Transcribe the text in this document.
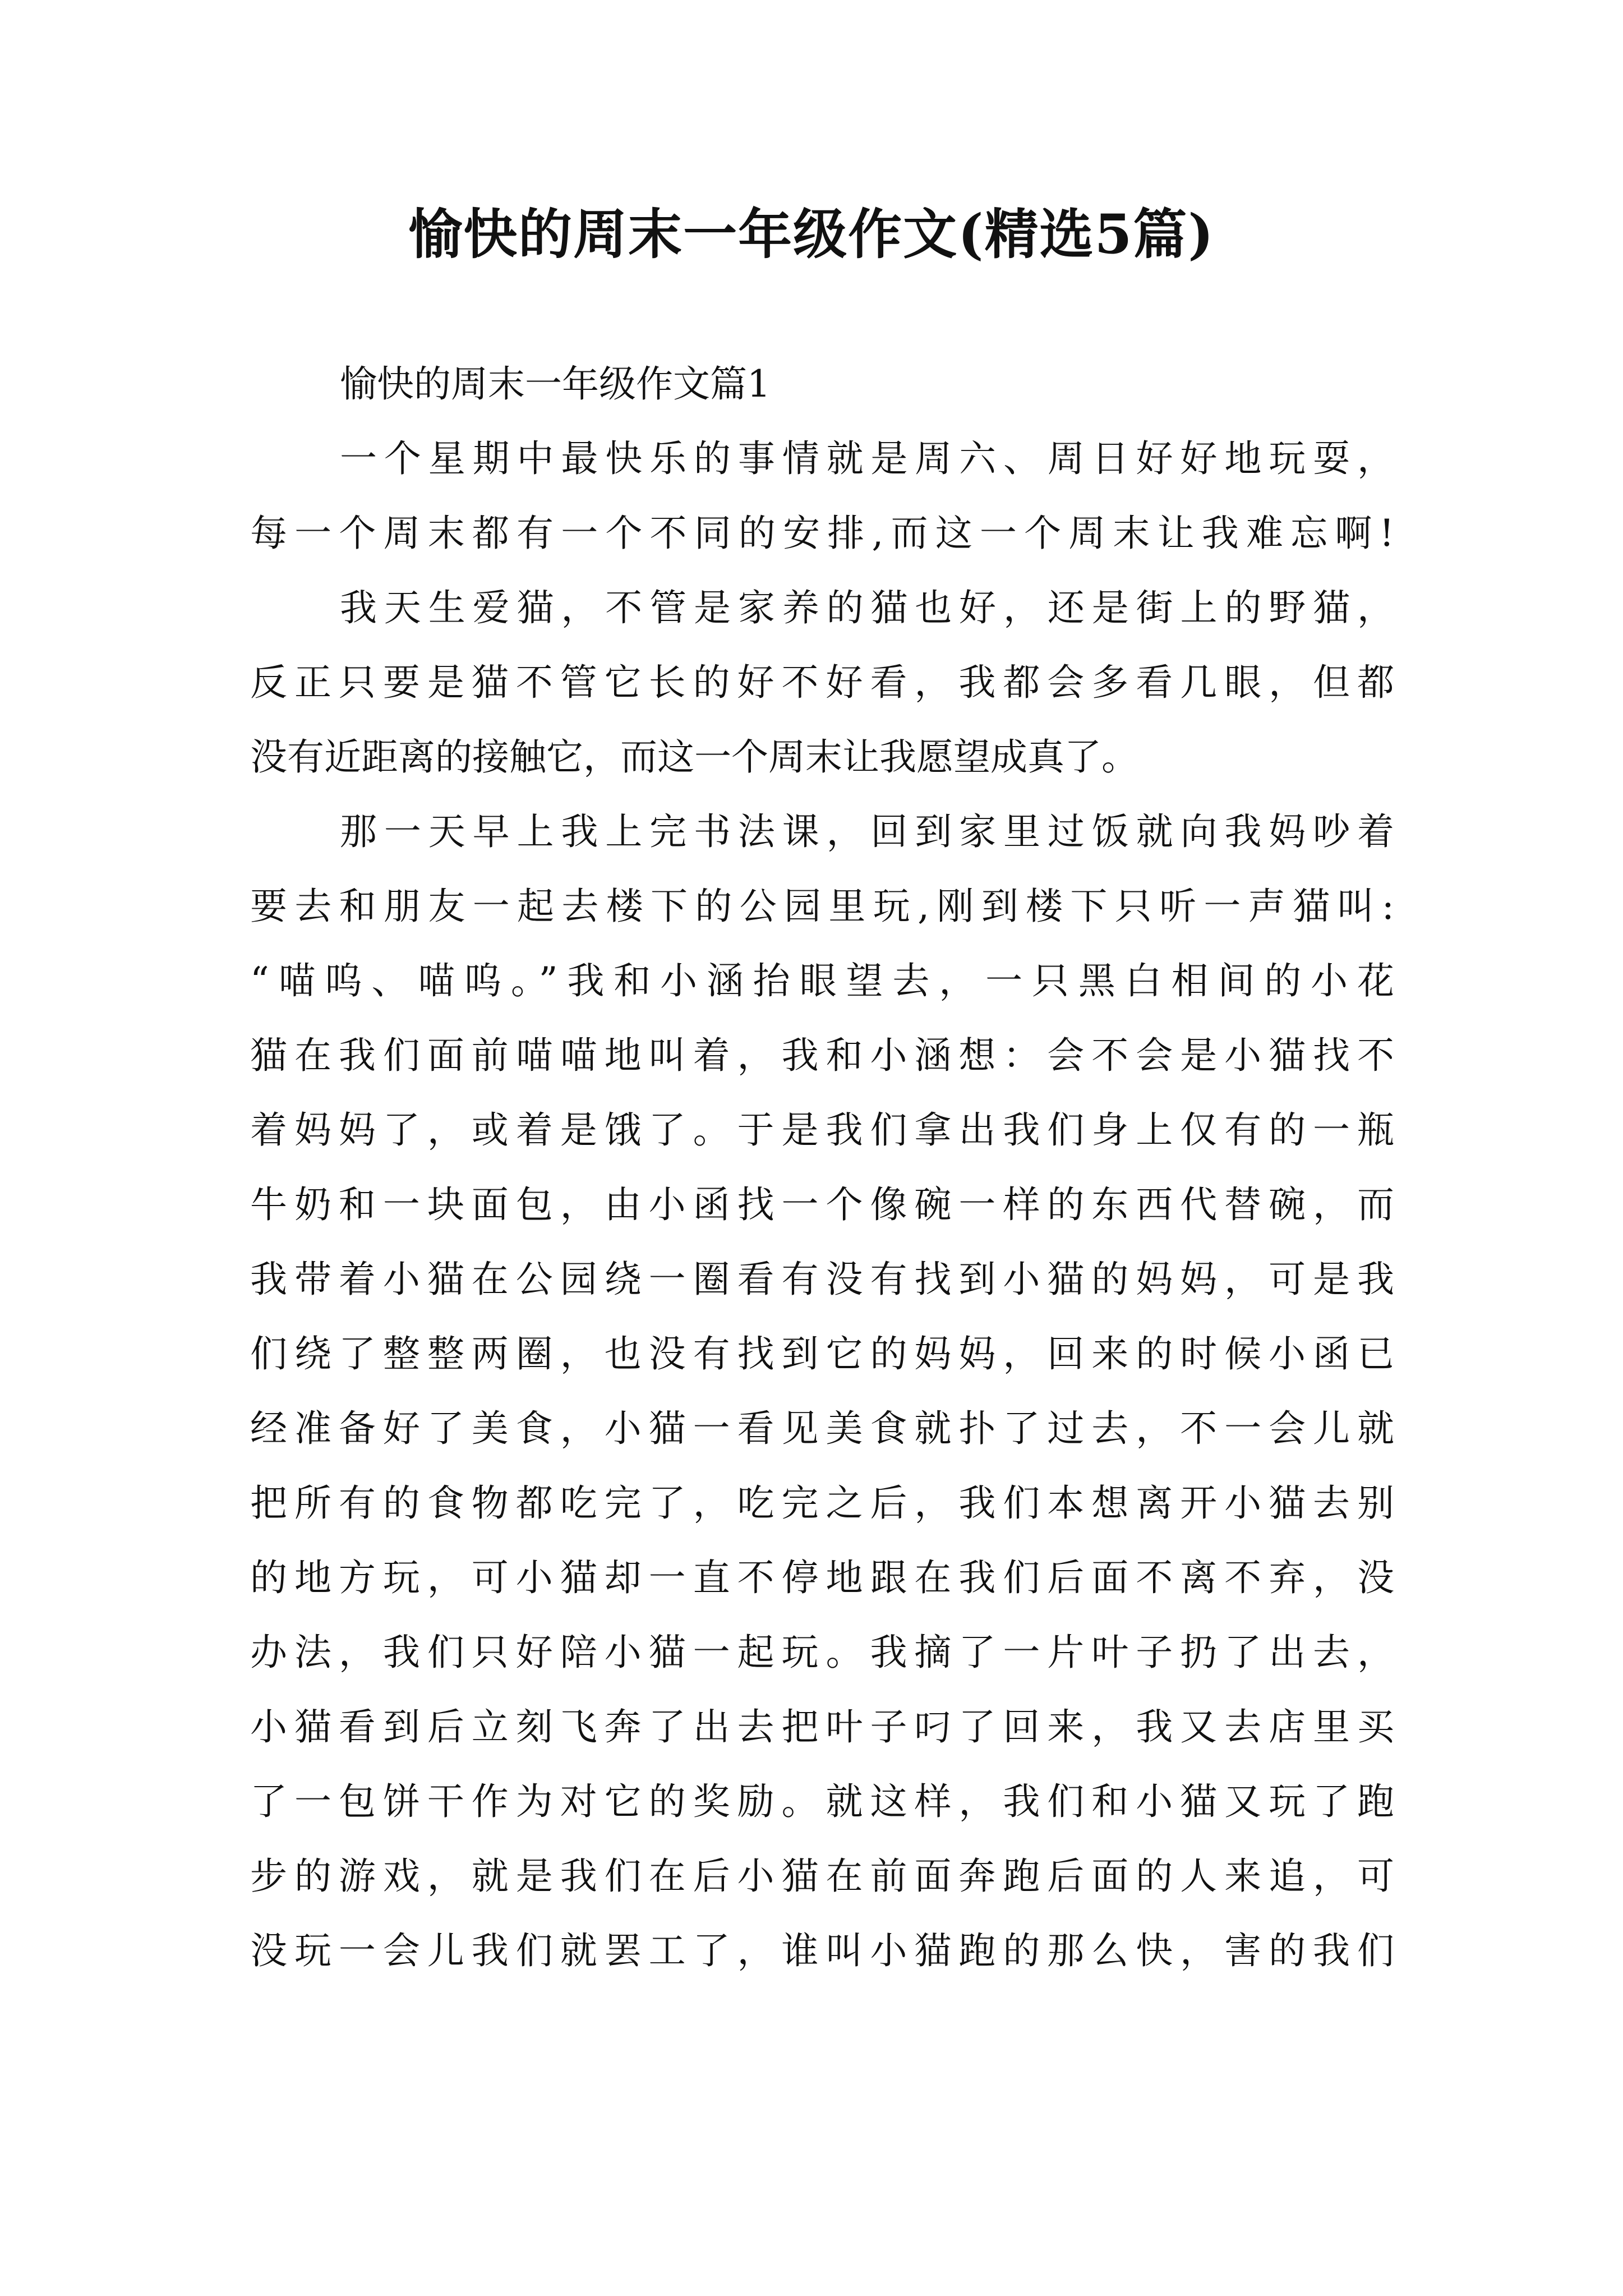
愉快的周末一年级作文(精选5篇)
愉快的周末一年级作文篇1
一个星期中最快乐的事情就是周六、周日好好地玩耍，
每一个周末都有一个不同的安排,而这一个周末让我难忘啊!
我天生爱猫，不管是家养的猫也好，还是街上的野猫，
反正只要是猫不管它长的好不好看，我都会多看几眼，但都
没有近距离的接触它，而这一个周末让我愿望成真了。
那一天早上我上完书法课，回到家里过饭就向我妈吵着
要去和朋友一起去楼下的公园里玩,刚到楼下只听一声猫叫:
“喵呜、喵呜。”我和小涵抬眼望去，一只黑白相间的小花
猫在我们面前喵喵地叫着，我和小涵想：会不会是小猫找不
着妈妈了，或着是饿了。于是我们拿出我们身上仅有的一瓶
牛奶和一块面包，由小函找一个像碗一样的东西代替碗，而
我带着小猫在公园绕一圈看有没有找到小猫的妈妈，可是我
们绕了整整两圈，也没有找到它的妈妈，回来的时候小函已
经准备好了美食，小猫一看见美食就扑了过去，不一会儿就
把所有的食物都吃完了，吃完之后，我们本想离开小猫去别
的地方玩，可小猫却一直不停地跟在我们后面不离不弃，没
办法，我们只好陪小猫一起玩。我摘了一片叶子扔了出去，
小猫看到后立刻飞奔了出去把叶子叼了回来，我又去店里买
了一包饼干作为对它的奖励。就这样，我们和小猫又玩了跑
步的游戏，就是我们在后小猫在前面奔跑后面的人来追，可
没玩一会儿我们就罢工了，谁叫小猫跑的那么快，害的我们
